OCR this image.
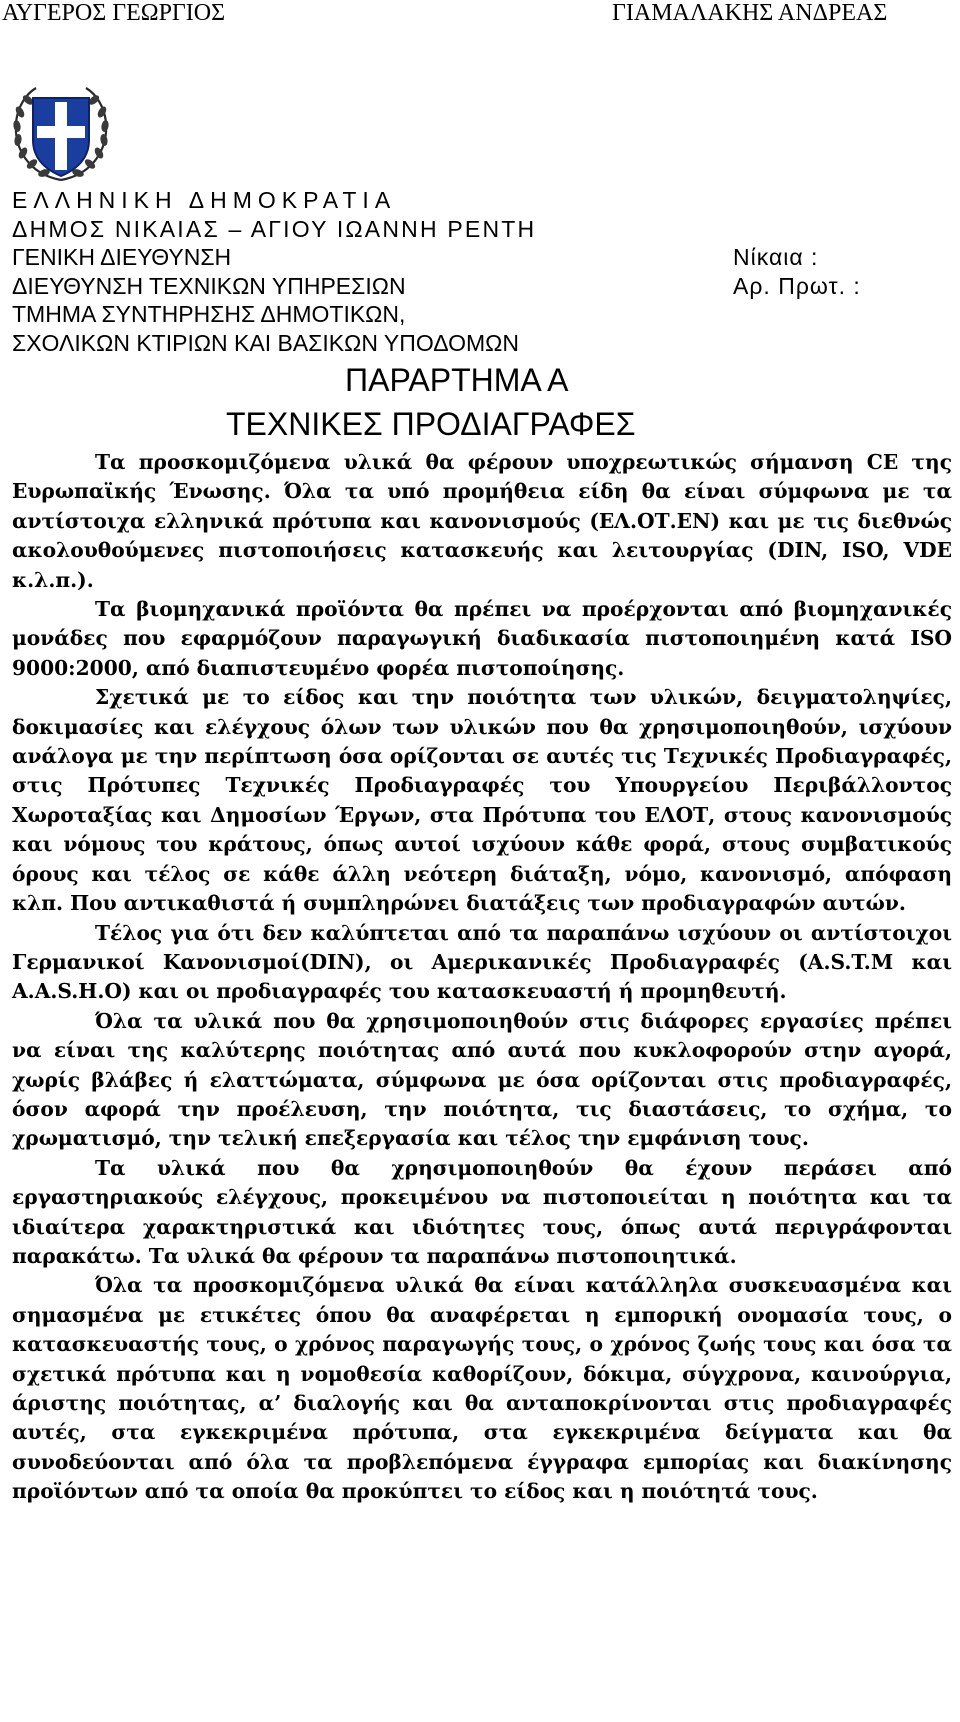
ΑΥΓΕΡΟΣ ΓΕΩΡΓΙΟΣ	ΓΙΑΜΑΛΑΚΗΣ ΑΝΔΡΕΑΣ
ΕΛΛΗΝΙΚΗ ΔΗΜΟΚΡΑΤΙΑ
ΔΗΜΟΣ ΝΙΚΑΙΑΣ – ΑΓΙΟΥ ΙΩΑΝΝΗ ΡΕΝΤΗ
ΓΕΝΙΚΗ ΔΙΕΥΘΥΝΣΗ
ΔΙΕΥΘΥΝΣΗ ΤΕΧΝΙΚΩΝ ΥΠΗΡΕΣΙΩΝ
ΤΜΗΜΑ ΣΥΝΤΗΡΗΣΗΣ ΔΗΜΟΤΙΚΩΝ,
ΣΧΟΛΙΚΩΝ ΚΤΙΡΙΩΝ ΚΑΙ ΒΑΣΙΚΩΝ ΥΠΟΔΟΜΩΝ
Νίκαια :
Αρ. Πρωτ. :
ΠΑΡΑΡΤΗΜΑ Α
ΤΕΧΝΙΚΕΣ ΠΡΟΔΙΑΓΡΑΦΕΣ

Τα προσκομιζόμενα υλικά θα φέρουν υποχρεωτικώς σήμανση CE της Ευρωπαϊκής Ένωσης. Όλα τα υπό προμήθεια είδη θα είναι σύμφωνα με τα αντίστοιχα ελληνικά πρότυπα και κανονισμούς (ΕΛ.ΟΤ.ΕΝ) και με τις διεθνώς ακολουθούμενες πιστοποιήσεις κατασκευής και λειτουργίας (DIN, ISO, VDE κ.λ.π.).

Τα βιομηχανικά προϊόντα θα πρέπει να προέρχονται από βιομηχανικές μονάδες που εφαρμόζουν παραγωγική διαδικασία πιστοποιημένη κατά ISO 9000:2000, από διαπιστευμένο φορέα πιστοποίησης.

Σχετικά με το είδος και την ποιότητα των υλικών, δειγματοληψίες, δοκιμασίες και ελέγχους όλων των υλικών που θα χρησιμοποιηθούν, ισχύουν ανάλογα με την περίπτωση όσα ορίζονται σε αυτές τις Τεχνικές Προδιαγραφές, στις Πρότυπες Τεχνικές Προδιαγραφές του Υπουργείου Περιβάλλοντος Χωροταξίας και Δημοσίων Έργων, στα Πρότυπα του ΕΛΟΤ, στους κανονισμούς και νόμους του κράτους, όπως αυτοί ισχύουν κάθε φορά, στους συμβατικούς όρους και τέλος σε κάθε άλλη νεότερη διάταξη, νόμο, κανονισμό, απόφαση κλπ. Που αντικαθιστά ή συμπληρώνει διατάξεις των προδιαγραφών αυτών.

Τέλος για ότι δεν καλύπτεται από τα παραπάνω ισχύουν οι αντίστοιχοι Γερμανικοί Κανονισμοί(DIN), οι Αμερικανικές Προδιαγραφές (A.S.T.M και A.A.S.H.O) και οι προδιαγραφές του κατασκευαστή ή προμηθευτή.

Όλα τα υλικά που θα χρησιμοποιηθούν στις διάφορες εργασίες πρέπει να είναι της καλύτερης ποιότητας από αυτά που κυκλοφορούν στην αγορά, χωρίς βλάβες ή ελαττώματα, σύμφωνα με όσα ορίζονται στις προδιαγραφές, όσον αφορά την προέλευση, την ποιότητα, τις διαστάσεις, το σχήμα, το χρωματισμό, την τελική επεξεργασία και τέλος την εμφάνιση τους.

Τα υλικά που θα χρησιμοποιηθούν θα έχουν περάσει από εργαστηριακούς ελέγχους, προκειμένου να πιστοποιείται η ποιότητα και τα ιδιαίτερα χαρακτηριστικά και ιδιότητες τους, όπως αυτά περιγράφονται παρακάτω. Τα υλικά θα φέρουν τα παραπάνω πιστοποιητικά.

Όλα τα προσκομιζόμενα υλικά θα είναι κατάλληλα συσκευασμένα και σημασμένα με ετικέτες όπου θα αναφέρεται η εμπορική ονομασία τους, ο κατασκευαστής τους, ο χρόνος παραγωγής τους, ο χρόνος ζωής τους και όσα τα σχετικά πρότυπα και η νομοθεσία καθορίζουν, δόκιμα, σύγχρονα, καινούργια, άριστης ποιότητας, α’ διαλογής και θα ανταποκρίνονται στις προδιαγραφές αυτές, στα εγκεκριμένα πρότυπα, στα εγκεκριμένα δείγματα και θα συνοδεύονται από όλα τα προβλεπόμενα έγγραφα εμπορίας και διακίνησης προϊόντων από τα οποία θα προκύπτει το είδος και η ποιότητά τους.
